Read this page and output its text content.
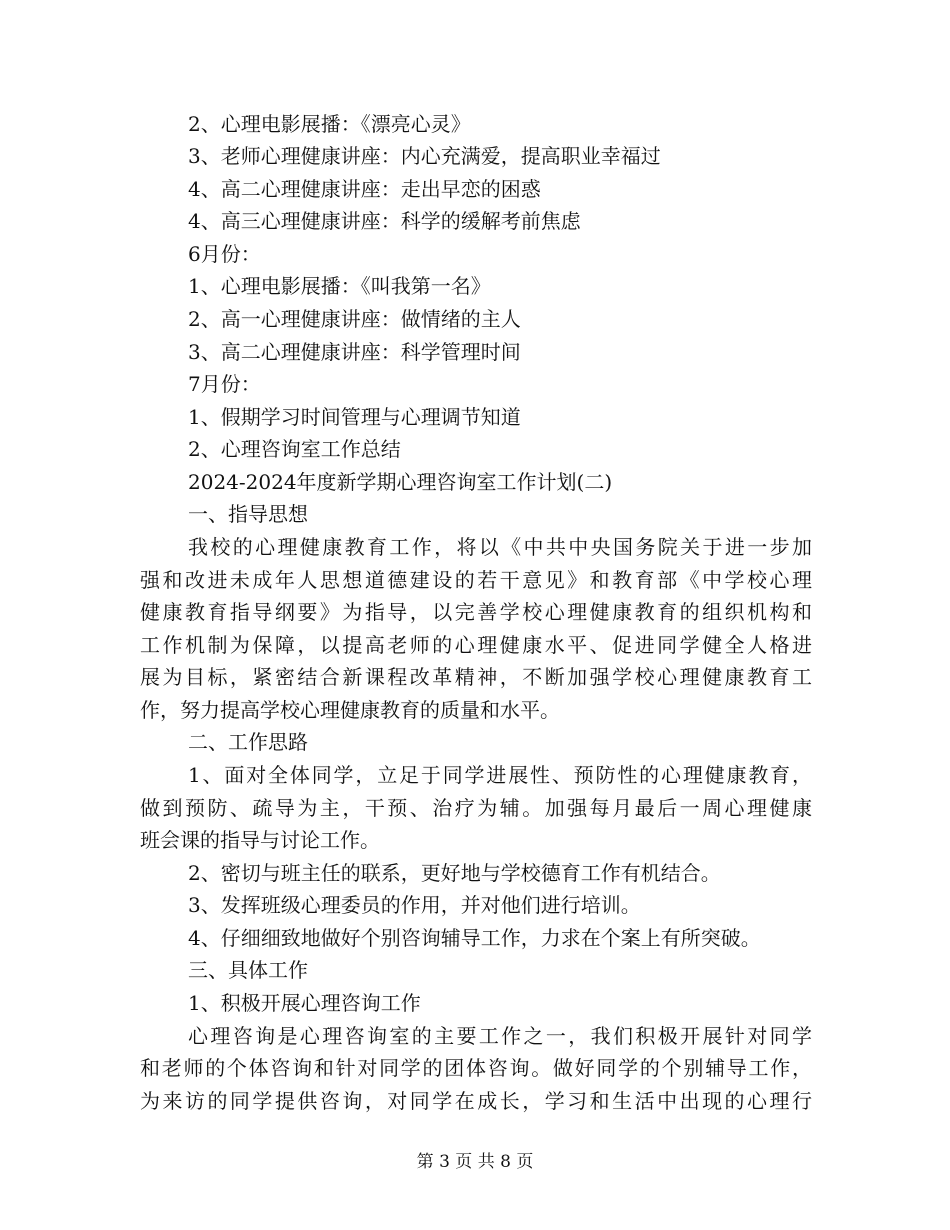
2、心理电影展播：《漂亮心灵》
3、老师心理健康讲座：内心充满爱，提高职业幸福过
4、高二心理健康讲座：走出早恋的困惑
4、高三心理健康讲座：科学的缓解考前焦虑
6月份：
1、心理电影展播：《叫我第一名》
2、高一心理健康讲座：做情绪的主人
3、高二心理健康讲座：科学管理时间
7月份：
1、假期学习时间管理与心理调节知道
2、心理咨询室工作总结
2024-2024年度新学期心理咨询室工作计划(二)
一、指导思想
我校的心理健康教育工作，将以《中共中央国务院关于进一步加
强和改进未成年人思想道德建设的若干意见》和教育部《中学校心理
健康教育指导纲要》为指导，以完善学校心理健康教育的组织机构和
工作机制为保障，以提高老师的心理健康水平、促进同学健全人格进
展为目标，紧密结合新课程改革精神，不断加强学校心理健康教育工
作，努力提高学校心理健康教育的质量和水平。
二、工作思路
1、面对全体同学，立足于同学进展性、预防性的心理健康教育，
做到预防、疏导为主，干预、治疗为辅。加强每月最后一周心理健康
班会课的指导与讨论工作。
2、密切与班主任的联系，更好地与学校德育工作有机结合。
3、发挥班级心理委员的作用，并对他们进行培训。
4、仔细细致地做好个别咨询辅导工作，力求在个案上有所突破。
三、具体工作
1、积极开展心理咨询工作
心理咨询是心理咨询室的主要工作之一，我们积极开展针对同学
和老师的个体咨询和针对同学的团体咨询。做好同学的个别辅导工作，
为来访的同学提供咨询，对同学在成长，学习和生活中出现的心理行
第 3 页 共 8 页
